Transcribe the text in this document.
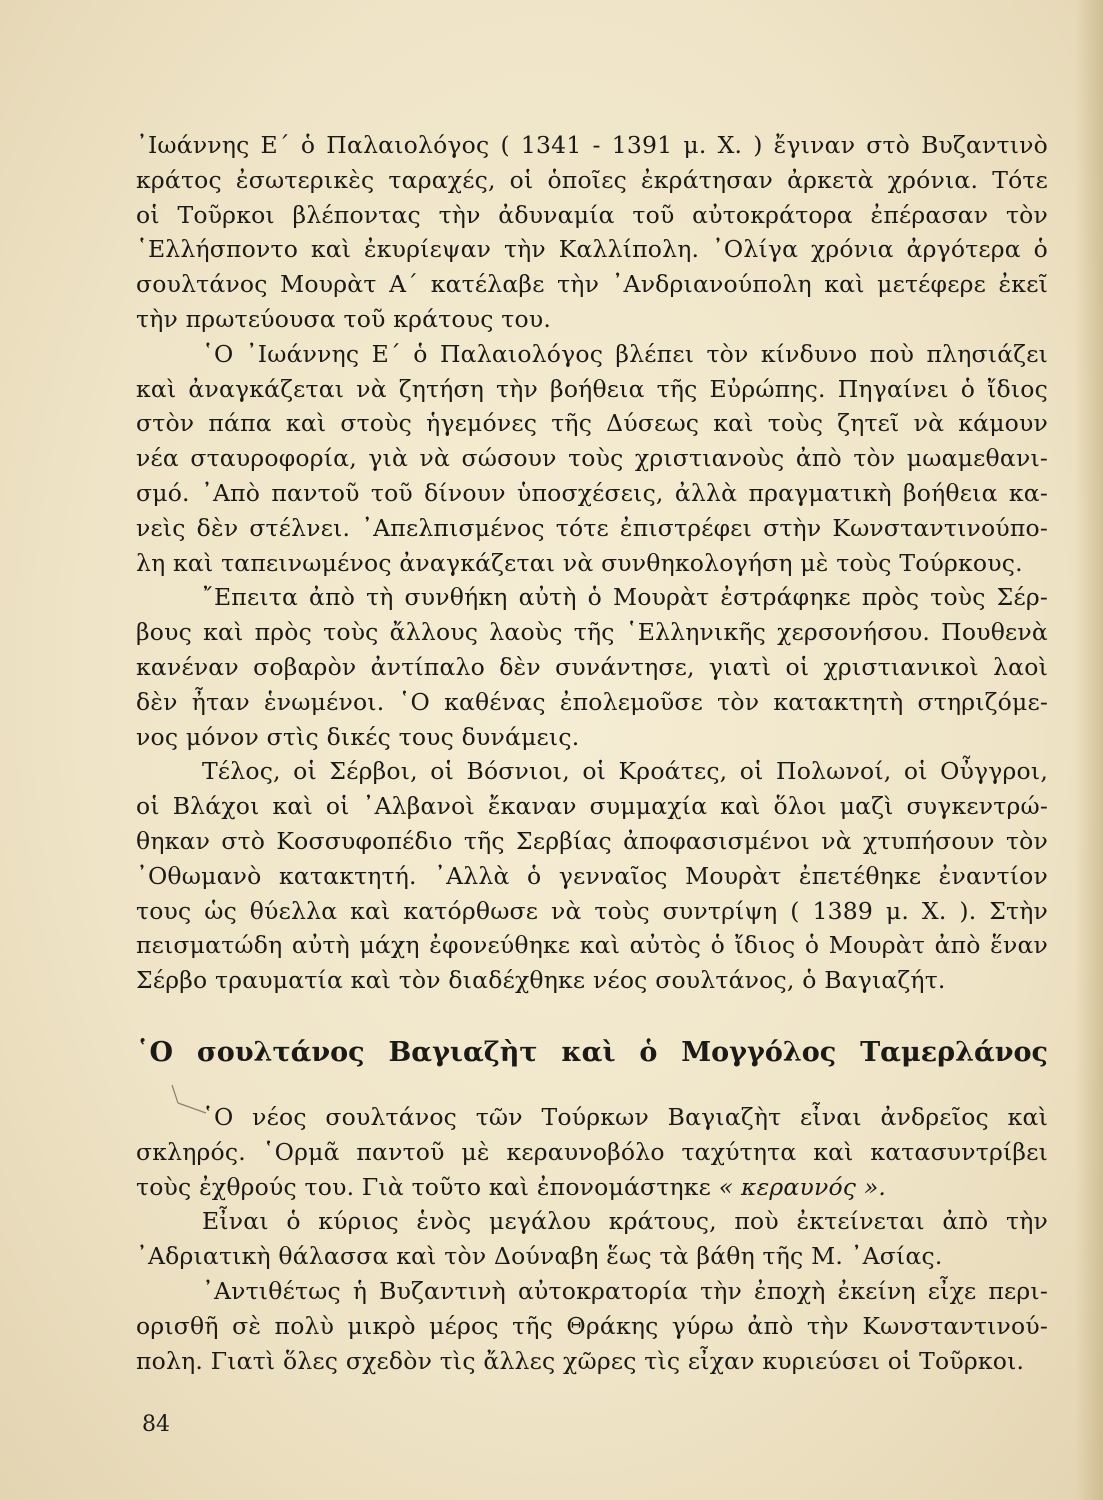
᾿Ιωάννης Ε΄ ὁ Παλαιολόγος ( 1341 - 1391 μ. Χ. ) ἔγιναν στὸ Βυζαντινὸ
κράτος ἐσωτερικὲς ταραχές, οἱ ὁποῖες ἐκράτησαν ἀρκετὰ χρόνια. Τότε
οἱ Τοῦρκοι βλέποντας τὴν ἀδυναμία τοῦ αὐτοκράτορα ἐπέρασαν τὸν
῾Ελλήσποντο καὶ ἐκυρίεψαν τὴν Καλλίπολη. ᾿Ολίγα χρόνια ἀργότερα ὁ
σουλτάνος Μουρὰτ Α΄ κατέλαβε τὴν ᾿Ανδριανούπολη καὶ μετέφερε ἐκεῖ
τὴν πρωτεύουσα τοῦ κράτους του.
῾Ο ᾿Ιωάννης Ε΄ ὁ Παλαιολόγος βλέπει τὸν κίνδυνο ποὺ πλησιάζει
καὶ ἀναγκάζεται νὰ ζητήση τὴν βοήθεια τῆς Εὐρώπης. Πηγαίνει ὁ ἴδιος
στὸν πάπα καὶ στοὺς ἡγεμόνες τῆς Δύσεως καὶ τοὺς ζητεῖ νὰ κάμουν
νέα σταυροφορία, γιὰ νὰ σώσουν τοὺς χριστιανοὺς ἀπὸ τὸν μωαμεθανι-
σμό. ᾿Απὸ παντοῦ τοῦ δίνουν ὑποσχέσεις, ἀλλὰ πραγματικὴ βοήθεια κα-
νεὶς δὲν στέλνει. ᾿Απελπισμένος τότε ἐπιστρέφει στὴν Κωνσταντινούπο-
λη καὶ ταπεινωμένος ἀναγκάζεται νὰ συνθηκολογήση μὲ τοὺς Τούρκους.
῎Επειτα ἀπὸ τὴ συνθήκη αὐτὴ ὁ Μουρὰτ ἐστράφηκε πρὸς τοὺς Σέρ-
βους καὶ πρὸς τοὺς ἄλλους λαοὺς τῆς ῾Ελληνικῆς χερσονήσου. Πουθενὰ
κανέναν σοβαρὸν ἀντίπαλο δὲν συνάντησε, γιατὶ οἱ χριστιανικοὶ λαοὶ
δὲν ἦταν ἑνωμένοι. ῾Ο καθένας ἐπολεμοῦσε τὸν κατακτητὴ στηριζόμε-
νος μόνον στὶς δικές τους δυνάμεις.
Τέλος, οἱ Σέρβοι, οἱ Βόσνιοι, οἱ Κροάτες, οἱ Πολωνοί, οἱ Οὖγγροι,
οἱ Βλάχοι καὶ οἱ ᾿Αλβανοὶ ἔκαναν συμμαχία καὶ ὅλοι μαζὶ συγκεντρώ-
θηκαν στὸ Κοσσυφοπέδιο τῆς Σερβίας ἀποφασισμένοι νὰ χτυπήσουν τὸν
᾿Οθωμανὸ κατακτητή. ᾿Αλλὰ ὁ γενναῖος Μουρὰτ ἐπετέθηκε ἐναντίον
τους ὡς θύελλα καὶ κατόρθωσε νὰ τοὺς συντρίψη ( 1389 μ. Χ. ). Στὴν
πεισματώδη αὐτὴ μάχη ἐφονεύθηκε καὶ αὐτὸς ὁ ἴδιος ὁ Μουρὰτ ἀπὸ ἕναν
Σέρβο τραυματία καὶ τὸν διαδέχθηκε νέος σουλτάνος, ὁ Βαγιαζήτ.
῾Ο σουλτάνος Βαγιαζὴτ καὶ ὁ Μογγόλος Ταμερλάνος
῾Ο νέος σουλτάνος τῶν Τούρκων Βαγιαζὴτ εἶναι ἀνδρεῖος καὶ
σκληρός. ῾Ορμᾶ παντοῦ μὲ κεραυνοβόλο ταχύτητα καὶ κατασυντρίβει
τοὺς ἐχθρούς του. Γιὰ τοῦτο καὶ ἐπονομάστηκε « κεραυνός ».
Εἶναι ὁ κύριος ἑνὸς μεγάλου κράτους, ποὺ ἐκτείνεται ἀπὸ τὴν
᾿Αδριατικὴ θάλασσα καὶ τὸν Δούναβη ἕως τὰ βάθη τῆς Μ. ᾿Ασίας.
᾿Αντιθέτως ἡ Βυζαντινὴ αὐτοκρατορία τὴν ἐποχὴ ἐκείνη εἶχε περι-
ορισθῆ σὲ πολὺ μικρὸ μέρος τῆς Θράκης γύρω ἀπὸ τὴν Κωνσταντινού-
πολη. Γιατὶ ὅλες σχεδὸν τὶς ἄλλες χῶρες τὶς εἶχαν κυριεύσει οἱ Τοῦρκοι.
84
